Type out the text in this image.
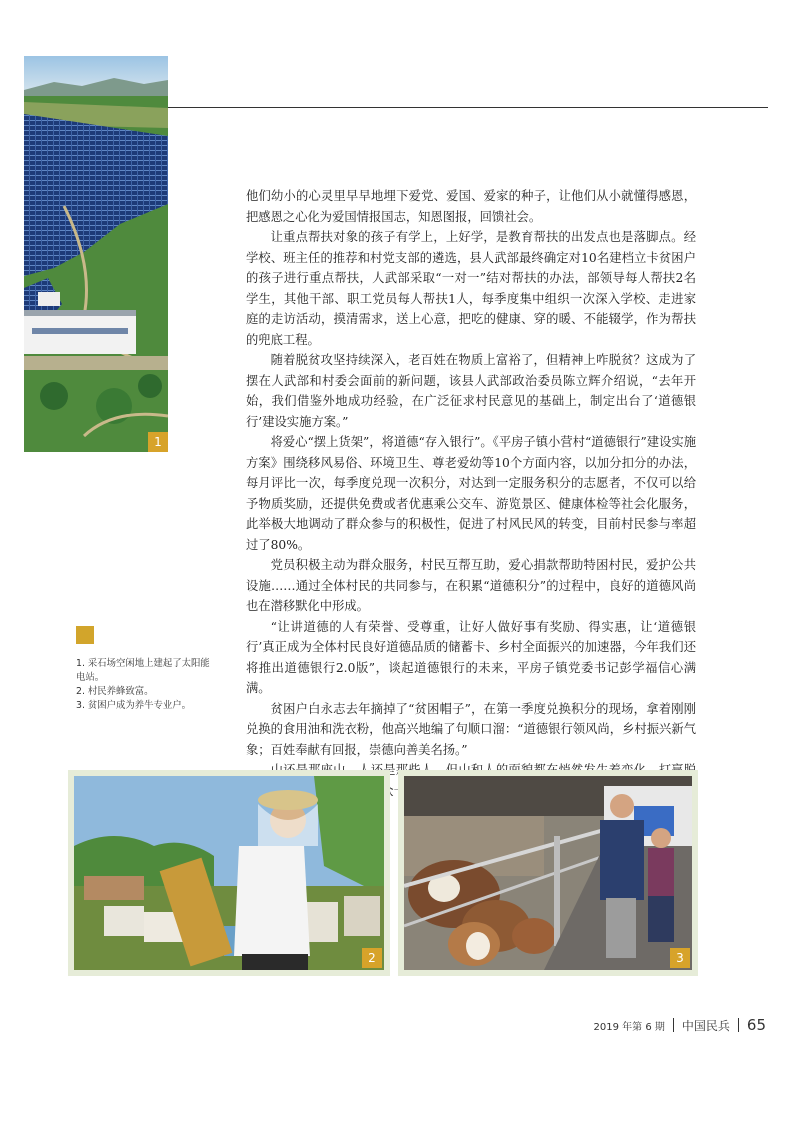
1

他们幼小的心灵里早早地埋下爱党、爱国、爱家的种子，让他们从小就懂得感恩，把感恩之心化为爱国情报国志，知恩图报，回馈社会。

让重点帮扶对象的孩子有学上，上好学，是教育帮扶的出发点也是落脚点。经学校、班主任的推荐和村党支部的遴选，县人武部最终确定对10名建档立卡贫困户的孩子进行重点帮扶，人武部采取“一对一”结对帮扶的办法，部领导每人帮扶2名学生，其他干部、职工党员每人帮扶1人，每季度集中组织一次深入学校、走进家庭的走访活动，摸清需求，送上心意，把吃的健康、穿的暖、不能辍学，作为帮扶的兜底工程。

随着脱贫攻坚持续深入，老百姓在物质上富裕了，但精神上咋脱贫？这成为了摆在人武部和村委会面前的新问题，该县人武部政治委员陈立辉介绍说，“去年开始，我们借鉴外地成功经验，在广泛征求村民意见的基础上，制定出台了‘道德银行’建设实施方案。”

将爱心“摆上货架”，将道德“存入银行”。《平房子镇小营村“道德银行”建设实施方案》围绕移风易俗、环境卫生、尊老爱幼等10个方面内容，以加分扣分的办法，每月评比一次，每季度兑现一次积分，对达到一定服务积分的志愿者，不仅可以给予物质奖励，还提供免费或者优惠乘公交车、游览景区、健康体检等社会化服务，此举极大地调动了群众参与的积极性，促进了村风民风的转变，目前村民参与率超过了80%。

党员积极主动为群众服务，村民互帮互助，爱心捐款帮助特困村民，爱护公共设施……通过全体村民的共同参与，在积累“道德积分”的过程中，良好的道德风尚也在潜移默化中形成。

“让讲道德的人有荣誉、受尊重，让好人做好事有奖励、得实惠，让‘道德银行’真正成为全体村民良好道德品质的储蓄卡、乡村全面振兴的加速器，今年我们还将推出道德银行2.0版”，谈起道德银行的未来，平房子镇党委书记彭学福信心满满。

贫困户白永志去年摘掉了“贫困帽子”，在第一季度兑换积分的现场，拿着刚刚兑换的食用油和洗衣粉，他高兴地编了句顺口溜：“道德银行领风尚，乡村振兴新气象；百姓奉献有回报，崇德向善美名扬。”

1. 采石场空闲地上建起了太阳能电站。
2. 村民养蜂致富。
3. 贫困户成为养牛专业户。
2	3
2019 年第 6 期 中国民兵 65
